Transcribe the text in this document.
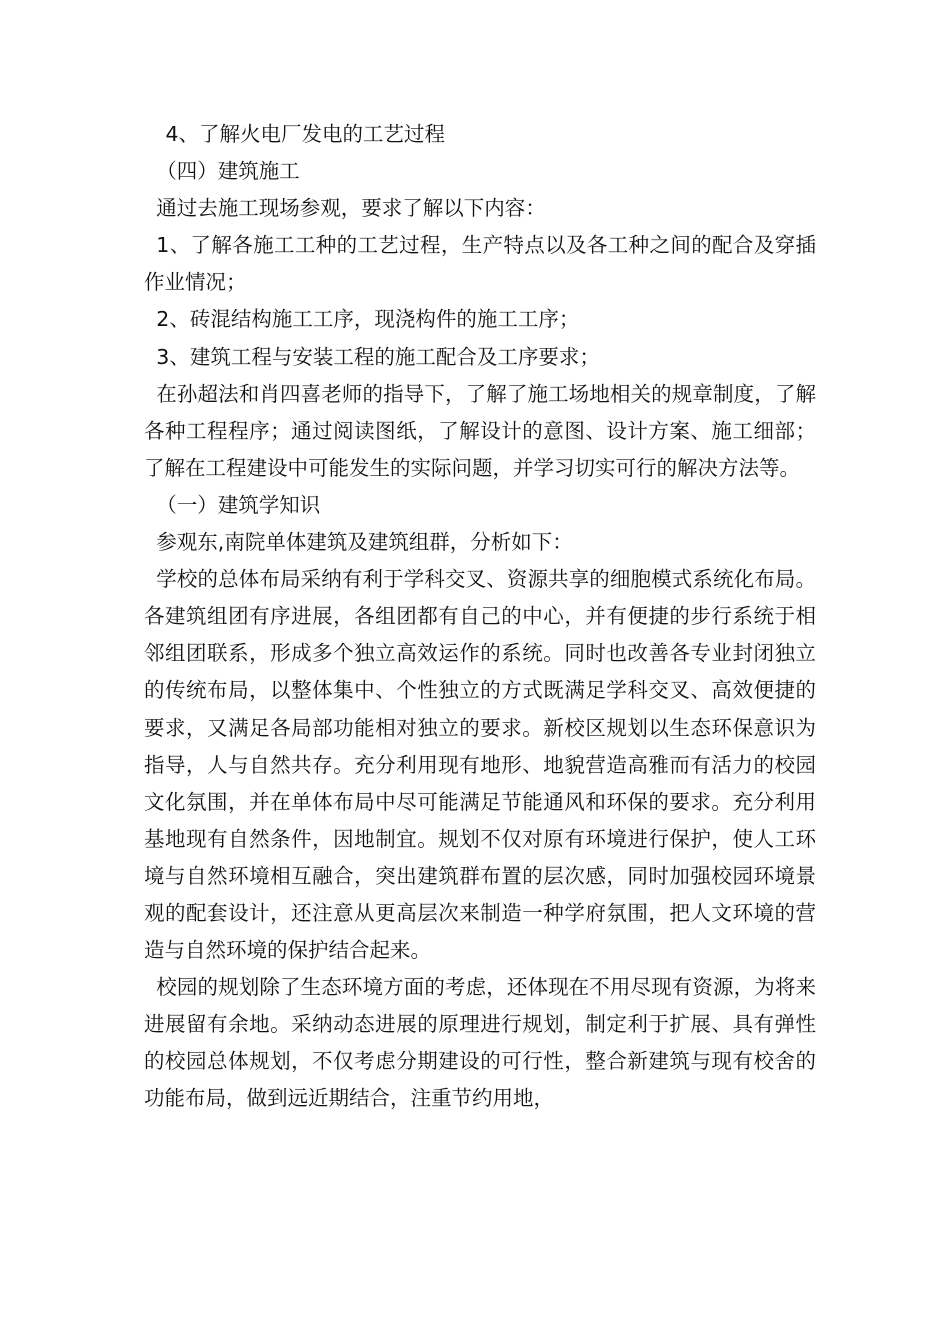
4、了解火电厂发电的工艺过程

（四）建筑施工

通过去施工现场参观，要求了解以下内容：

1、了解各施工工种的工艺过程，生产特点以及各工种之间的配合及穿插作业情况；

2、砖混结构施工工序，现浇构件的施工工序；

3、建筑工程与安装工程的施工配合及工序要求；

在孙超法和肖四喜老师的指导下，了解了施工场地相关的规章制度，了解各种工程程序；通过阅读图纸，了解设计的意图、设计方案、施工细部；了解在工程建设中可能发生的实际问题，并学习切实可行的解决方法等。

（一）建筑学知识

参观东,南院单体建筑及建筑组群，分析如下：

学校的总体布局采纳有利于学科交叉、资源共享的细胞模式系统化布局。各建筑组团有序进展，各组团都有自己的中心，并有便捷的步行系统于相邻组团联系，形成多个独立高效运作的系统。同时也改善各专业封闭独立的传统布局，以整体集中、个性独立的方式既满足学科交叉、高效便捷的要求，又满足各局部功能相对独立的要求。新校区规划以生态环保意识为指导，人与自然共存。充分利用现有地形、地貌营造高雅而有活力的校园文化氛围，并在单体布局中尽可能满足节能通风和环保的要求。充分利用基地现有自然条件，因地制宜。规划不仅对原有环境进行保护，使人工环境与自然环境相互融合，突出建筑群布置的层次感，同时加强校园环境景观的配套设计，还注意从更高层次来制造一种学府氛围，把人文环境的营造与自然环境的保护结合起来。

校园的规划除了生态环境方面的考虑，还体现在不用尽现有资源，为将来进展留有余地。采纳动态进展的原理进行规划，制定利于扩展、具有弹性的校园总体规划，不仅考虑分期建设的可行性，整合新建筑与现有校舍的功能布局，做到远近期结合，注重节约用地，
